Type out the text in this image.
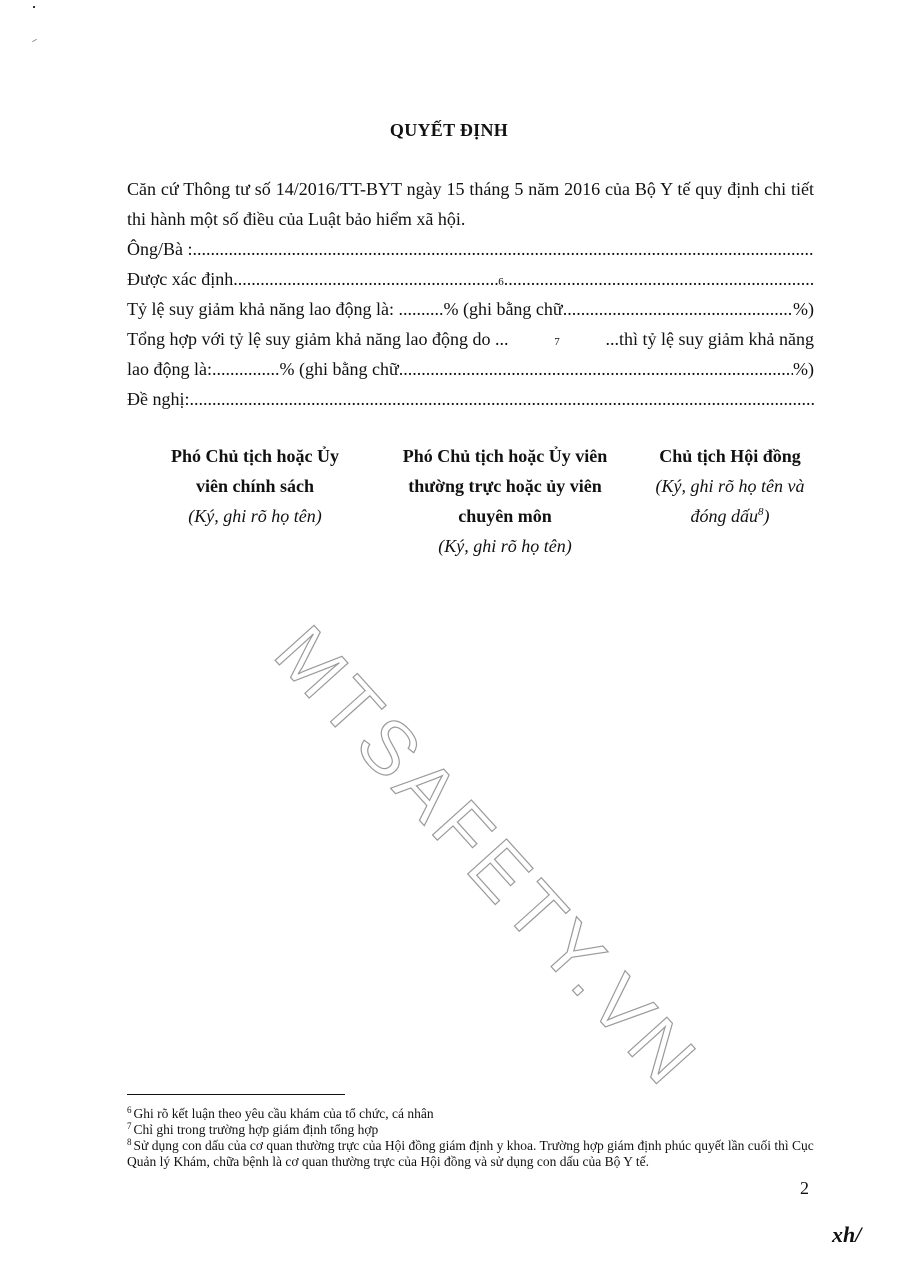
QUYẾT ĐỊNH

Căn cứ Thông tư số 14/2016/TT-BYT ngày 15 tháng 5 năm 2016 của Bộ Y tế quy định chi tiết thi hành một số điều của Luật bảo hiểm xã hội.

Ông/Bà :
.....
Được xác định .....	6
.....
Tỷ lệ suy giảm khả năng lao động là: .......... % (ghi bằng chữ .....	%)
Tổng hợp với tỷ lệ suy giảm khả năng lao động do ...	7	...thì tỷ lệ suy giảm khả năng
lao động là:............... % (ghi bằng chữ .....	%)
Đề nghị:
.....
Phó Chủ tịch hoặc Ủy
viên chính sách
(Ký, ghi rõ họ tên)
Phó Chủ tịch hoặc Ủy viên
thường trực hoặc ủy viên
chuyên môn
(Ký, ghi rõ họ tên)
Chủ tịch Hội đồng
(Ký, ghi rõ họ tên và
đóng dấu$^8$)
MTSAFETY.VN

$^6$ Ghi rõ kết luận theo yêu cầu khám của tổ chức, cá nhân

$^7$ Chỉ ghi trong trường hợp giám định tổng hợp

$^8$ Sử dụng con dấu của cơ quan thường trực của Hội đồng giám định y khoa. Trường hợp giám định phúc quyết lần cuối thì Cục Quản lý Khám, chữa bệnh là cơ quan thường trực của Hội đồng và sử dụng con dấu của Bộ Y tế.

2
xh/
